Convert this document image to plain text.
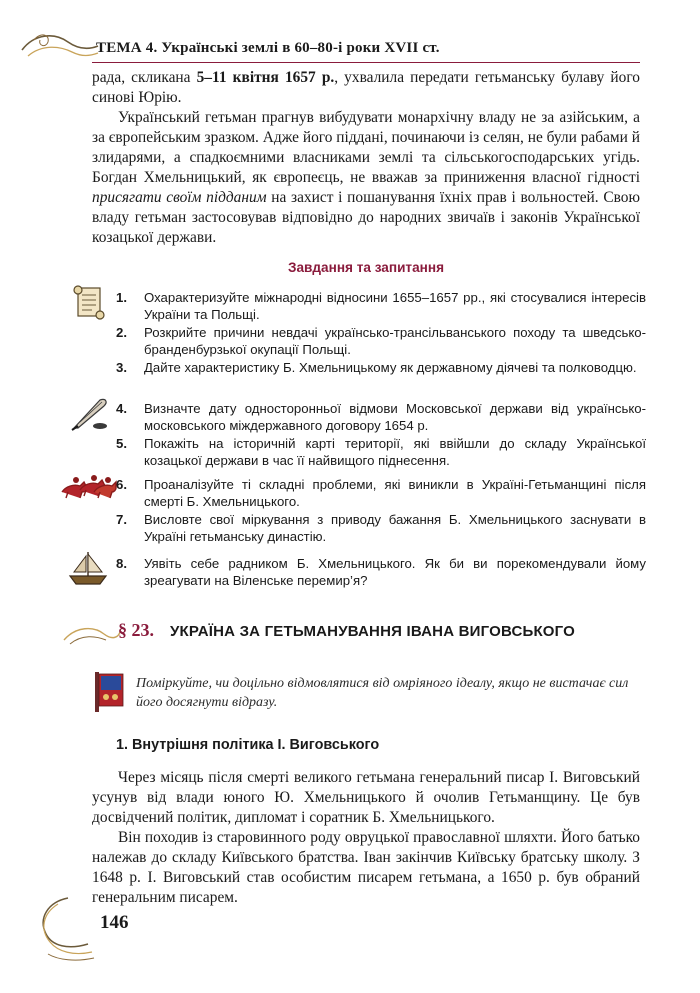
ТЕМА 4. Українські землі в 60–80-і роки XVII ст.

рада, скликана 5–11 квітня 1657 р., ухвалила передати гетьманську булаву його синові Юрію.

Український гетьман прагнув вибудувати монархічну владу не за азійським, а за європейським зразком. Адже його піддані, починаючи із селян, не були рабами й злидарями, а спадкоємними власниками землі та сільськогосподарських угідь. Богдан Хмельницький, як європеєць, не вважав за приниження власної гідності присягати своїм підданим на захист і пошанування їхніх прав і вольностей. Свою владу гетьман застосовував відповідно до народних звичаїв і законів Української козацької держави.

Завдання та запитання
1.	Охарактеризуйте міжнародні відносини 1655–1657 рр., які стосувалися інтересів України та Польщі.
2.	Розкрийте причини невдачі українсько-трансільванського походу та шведсько-бранденбурзької окупації Польщі.
3.	Дайте характеристику Б. Хмельницькому як державному діячеві та полководцю.
4.	Визначте дату односторонньої відмови Московської держави від українсько-московського міждержавного договору 1654 р.
5.	Покажіть на історичній карті території, які ввійшли до складу Української козацької держави в час її найвищого піднесення.
6.	Проаналізуйте ті складні проблеми, які виникли в Україні-Гетьманщині після смерті Б. Хмельницького.
7.	Висловте свої міркування з приводу бажання Б. Хмельницького заснувати в Україні гетьманську династію.
8.	Уявіть себе радником Б. Хмельницького. Як би ви порекомендували йому зреагувати на Віленське перемир’я?
§ 23. УКРАЇНА ЗА ГЕТЬМАНУВАННЯ ІВАНА ВИГОВСЬКОГО
Поміркуйте, чи доцільно відмовлятися від омріяного ідеалу, якщо не вистачає сил його досягнути відразу.
1. Внутрішня політика І. Виговського

Через місяць після смерті великого гетьмана генеральний писар І. Виговський усунув від влади юного Ю. Хмельницького й очолив Гетьманщину. Це був досвідчений політик, дипломат і соратник Б. Хмельницького.

Він походив із старовинного роду овруцької православної шляхти. Його батько належав до складу Київського братства. Іван закінчив Київську братську школу. З 1648 р. І. Виговський став особистим писарем гетьмана, а 1650 р. був обраний генеральним писарем.

146
